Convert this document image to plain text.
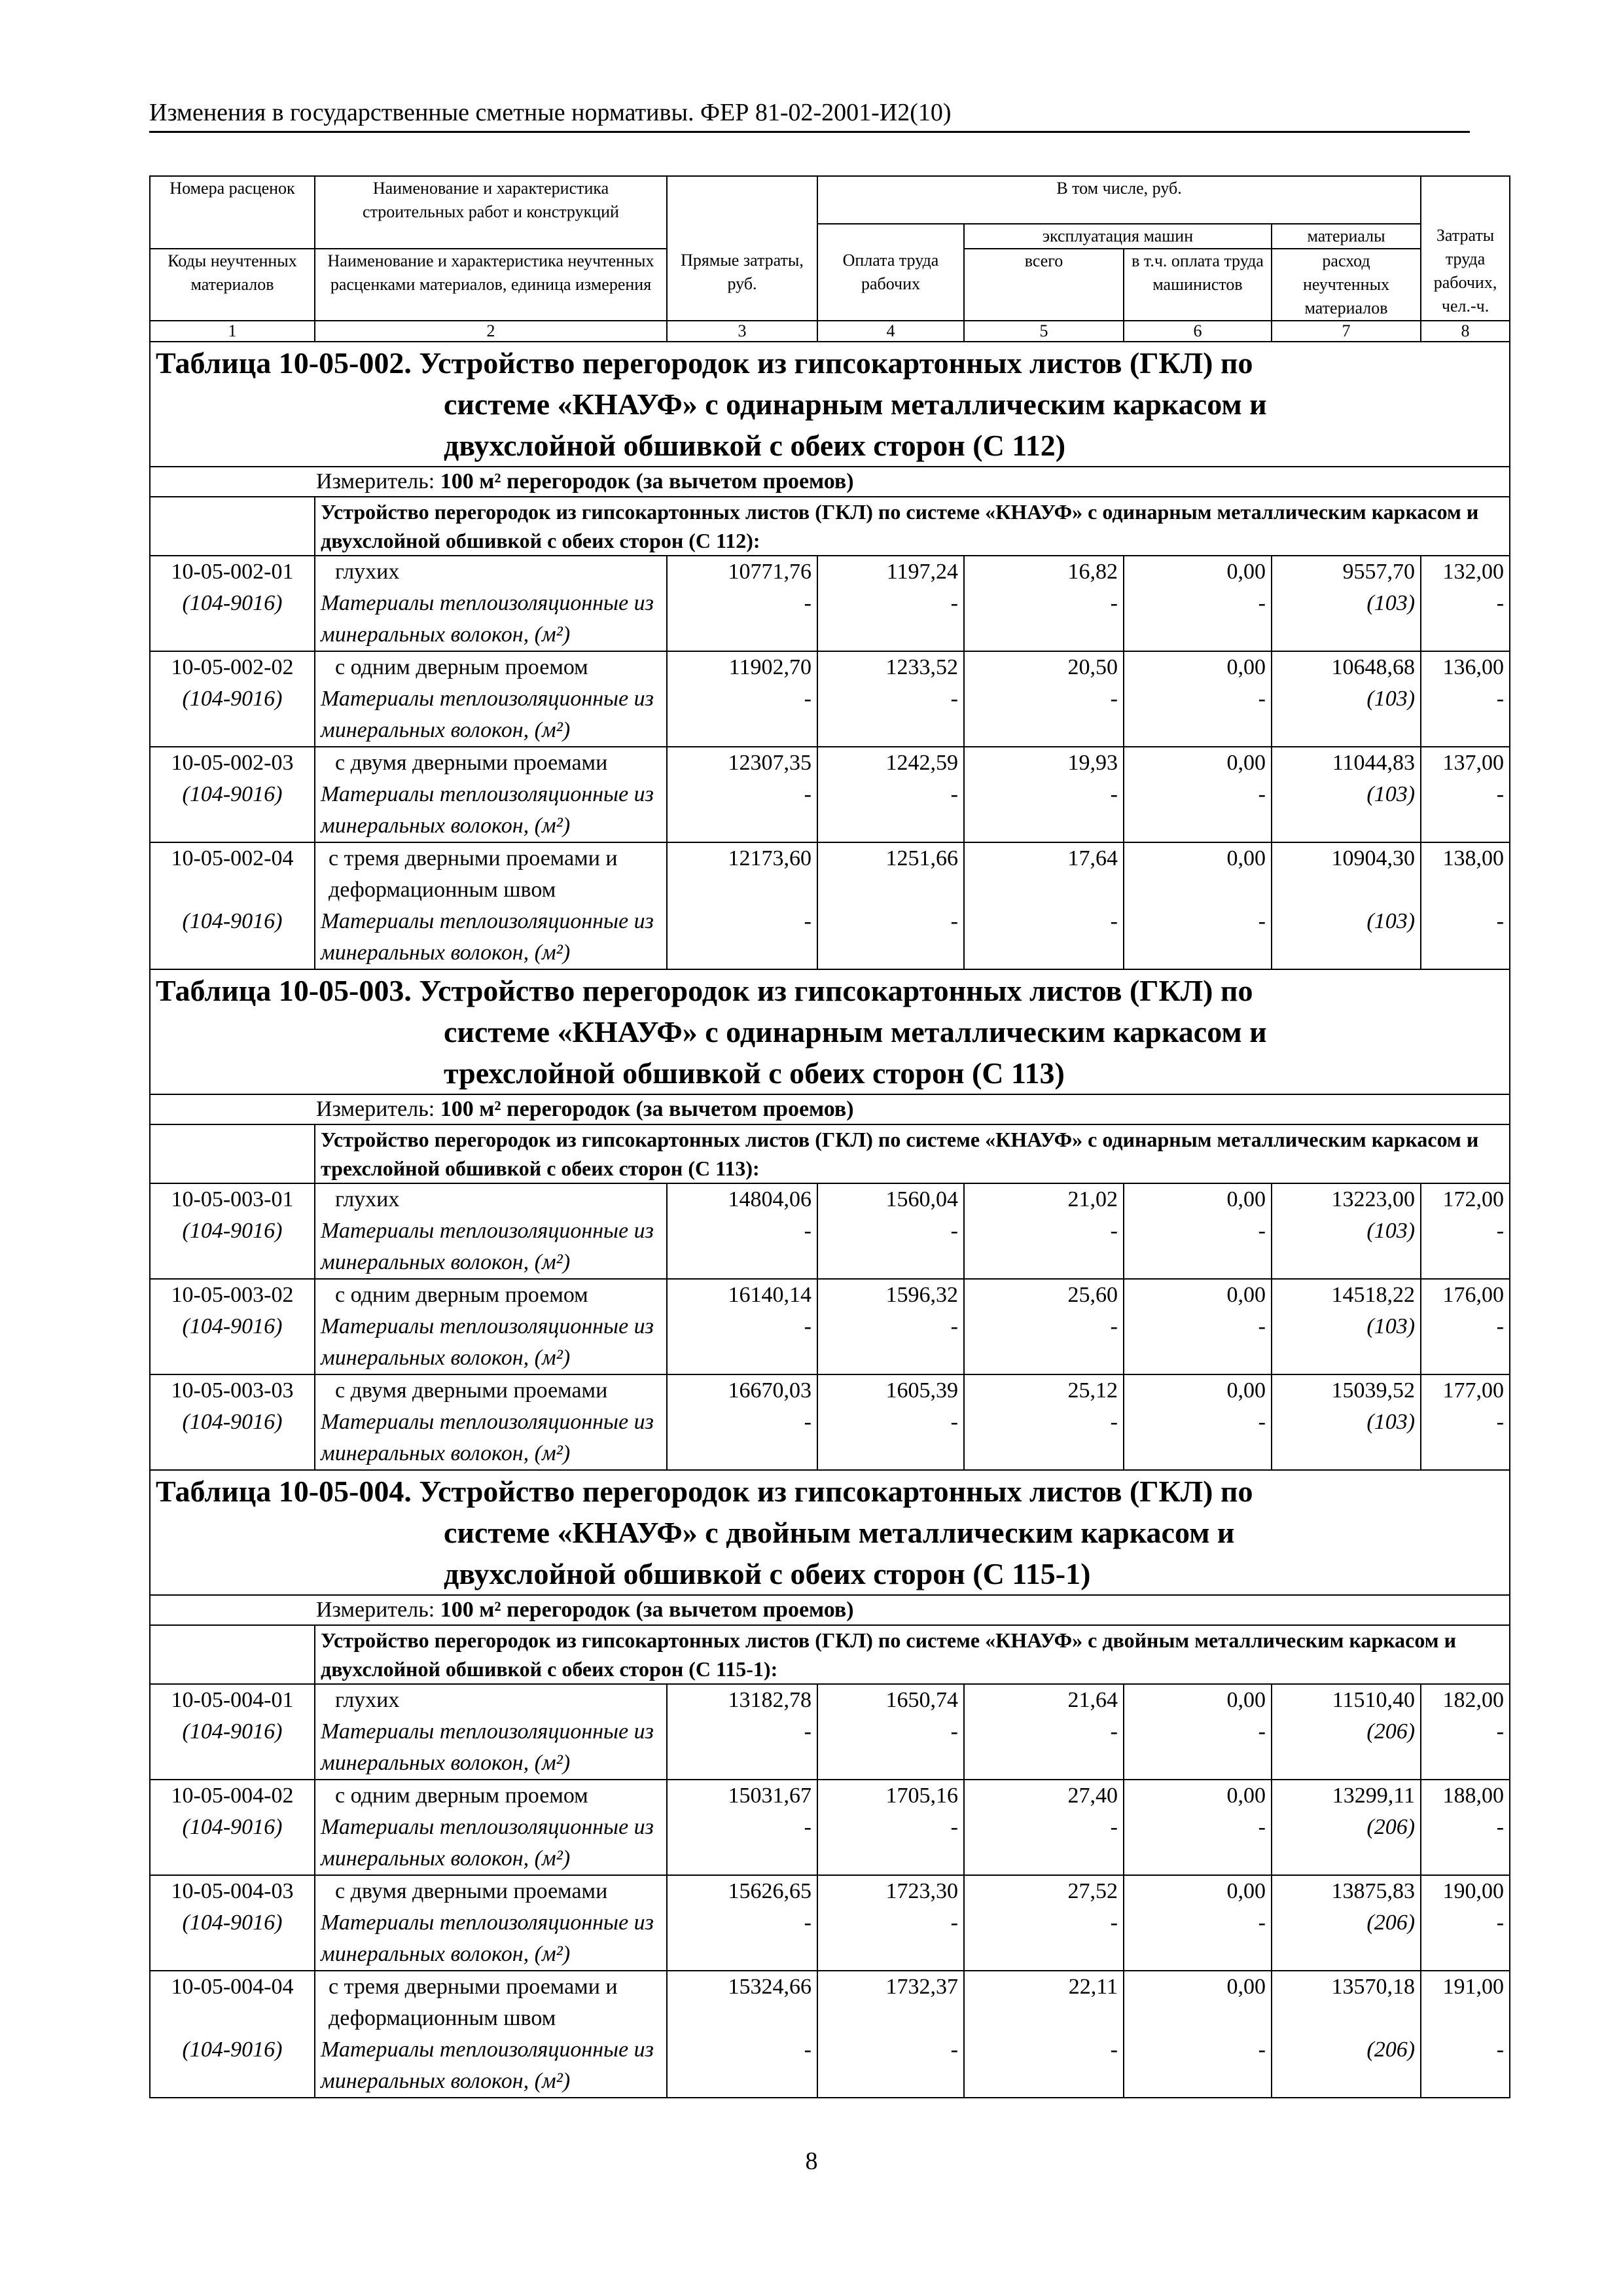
Изменения в государственные сметные нормативы. ФЕР 81-02-2001-И2(10)
Номера расценок	Наименование и характеристика строительных работ и конструкций		В том числе, руб.				
				эксплуатация машин		материалы	Затраты труда рабочих, чел.-ч.
Коды неучтенных материалов	Наименование и характеристика неучтенных расценками материалов, единица измерения	Прямые затраты, руб.	Оплата труда рабочих	всего	в т.ч. оплата труда машинистов	расход неучтенных материалов	
1	2	3	4	5	6	7	8
Таблица 10-05-002. Устройство перегородок из гипсокартонных листов (ГКЛ) по
системе «КНАУФ» с одинарным металлическим каркасом и
двухслойной обшивкой с обеих сторон (С 112)							

Измеритель: 100 м² перегородок (за вычетом проемов)							

	Устройство перегородок из гипсокартонных листов (ГКЛ) по системе «КНАУФ» с одинарным металлическим каркасом и двухслойной обшивкой с обеих сторон (С 112):						
10-05-002-01	глухих	10771,76	1197,24	16,82	0,00	9557,70	132,00
(104-9016)	Материалы теплоизоляционные из минеральных волокон, (м²)	-	-	-	-	(103)	-
10-05-002-02	с одним дверным проемом	11902,70	1233,52	20,50	0,00	10648,68	136,00
(104-9016)	Материалы теплоизоляционные из минеральных волокон, (м²)	-	-	-	-	(103)	-
10-05-002-03	с двумя дверными проемами	12307,35	1242,59	19,93	0,00	11044,83	137,00
(104-9016)	Материалы теплоизоляционные из минеральных волокон, (м²)	-	-	-	-	(103)	-
10-05-002-04	с тремя дверными проемами и деформационным швом	12173,60	1251,66	17,64	0,00	10904,30	138,00
(104-9016)	Материалы теплоизоляционные из минеральных волокон, (м²)	-	-	-	-	(103)	-
Таблица 10-05-003. Устройство перегородок из гипсокартонных листов (ГКЛ) по
системе «КНАУФ» с одинарным металлическим каркасом и
трехслойной обшивкой с обеих сторон (С 113)							

Измеритель: 100 м² перегородок (за вычетом проемов)							

	Устройство перегородок из гипсокартонных листов (ГКЛ) по системе «КНАУФ» с одинарным металлическим каркасом и трехслойной обшивкой с обеих сторон (С 113):						
10-05-003-01	глухих	14804,06	1560,04	21,02	0,00	13223,00	172,00
(104-9016)	Материалы теплоизоляционные из минеральных волокон, (м²)	-	-	-	-	(103)	-
10-05-003-02	с одним дверным проемом	16140,14	1596,32	25,60	0,00	14518,22	176,00
(104-9016)	Материалы теплоизоляционные из минеральных волокон, (м²)	-	-	-	-	(103)	-
10-05-003-03	с двумя дверными проемами	16670,03	1605,39	25,12	0,00	15039,52	177,00
(104-9016)	Материалы теплоизоляционные из минеральных волокон, (м²)	-	-	-	-	(103)	-
Таблица 10-05-004. Устройство перегородок из гипсокартонных листов (ГКЛ) по
системе «КНАУФ» с двойным металлическим каркасом и
двухслойной обшивкой с обеих сторон (С 115-1)							

Измеритель: 100 м² перегородок (за вычетом проемов)							

	Устройство перегородок из гипсокартонных листов (ГКЛ) по системе «КНАУФ» с двойным металлическим каркасом и двухслойной обшивкой с обеих сторон (С 115-1):						
10-05-004-01	глухих	13182,78	1650,74	21,64	0,00	11510,40	182,00
(104-9016)	Материалы теплоизоляционные из минеральных волокон, (м²)	-	-	-	-	(206)	-
10-05-004-02	с одним дверным проемом	15031,67	1705,16	27,40	0,00	13299,11	188,00
(104-9016)	Материалы теплоизоляционные из минеральных волокон, (м²)	-	-	-	-	(206)	-
10-05-004-03	с двумя дверными проемами	15626,65	1723,30	27,52	0,00	13875,83	190,00
(104-9016)	Материалы теплоизоляционные из минеральных волокон, (м²)	-	-	-	-	(206)	-
10-05-004-04	с тремя дверными проемами и деформационным швом	15324,66	1732,37	22,11	0,00	13570,18	191,00
(104-9016)	Материалы теплоизоляционные из минеральных волокон, (м²)	-	-	-	-	(206)	-
8
